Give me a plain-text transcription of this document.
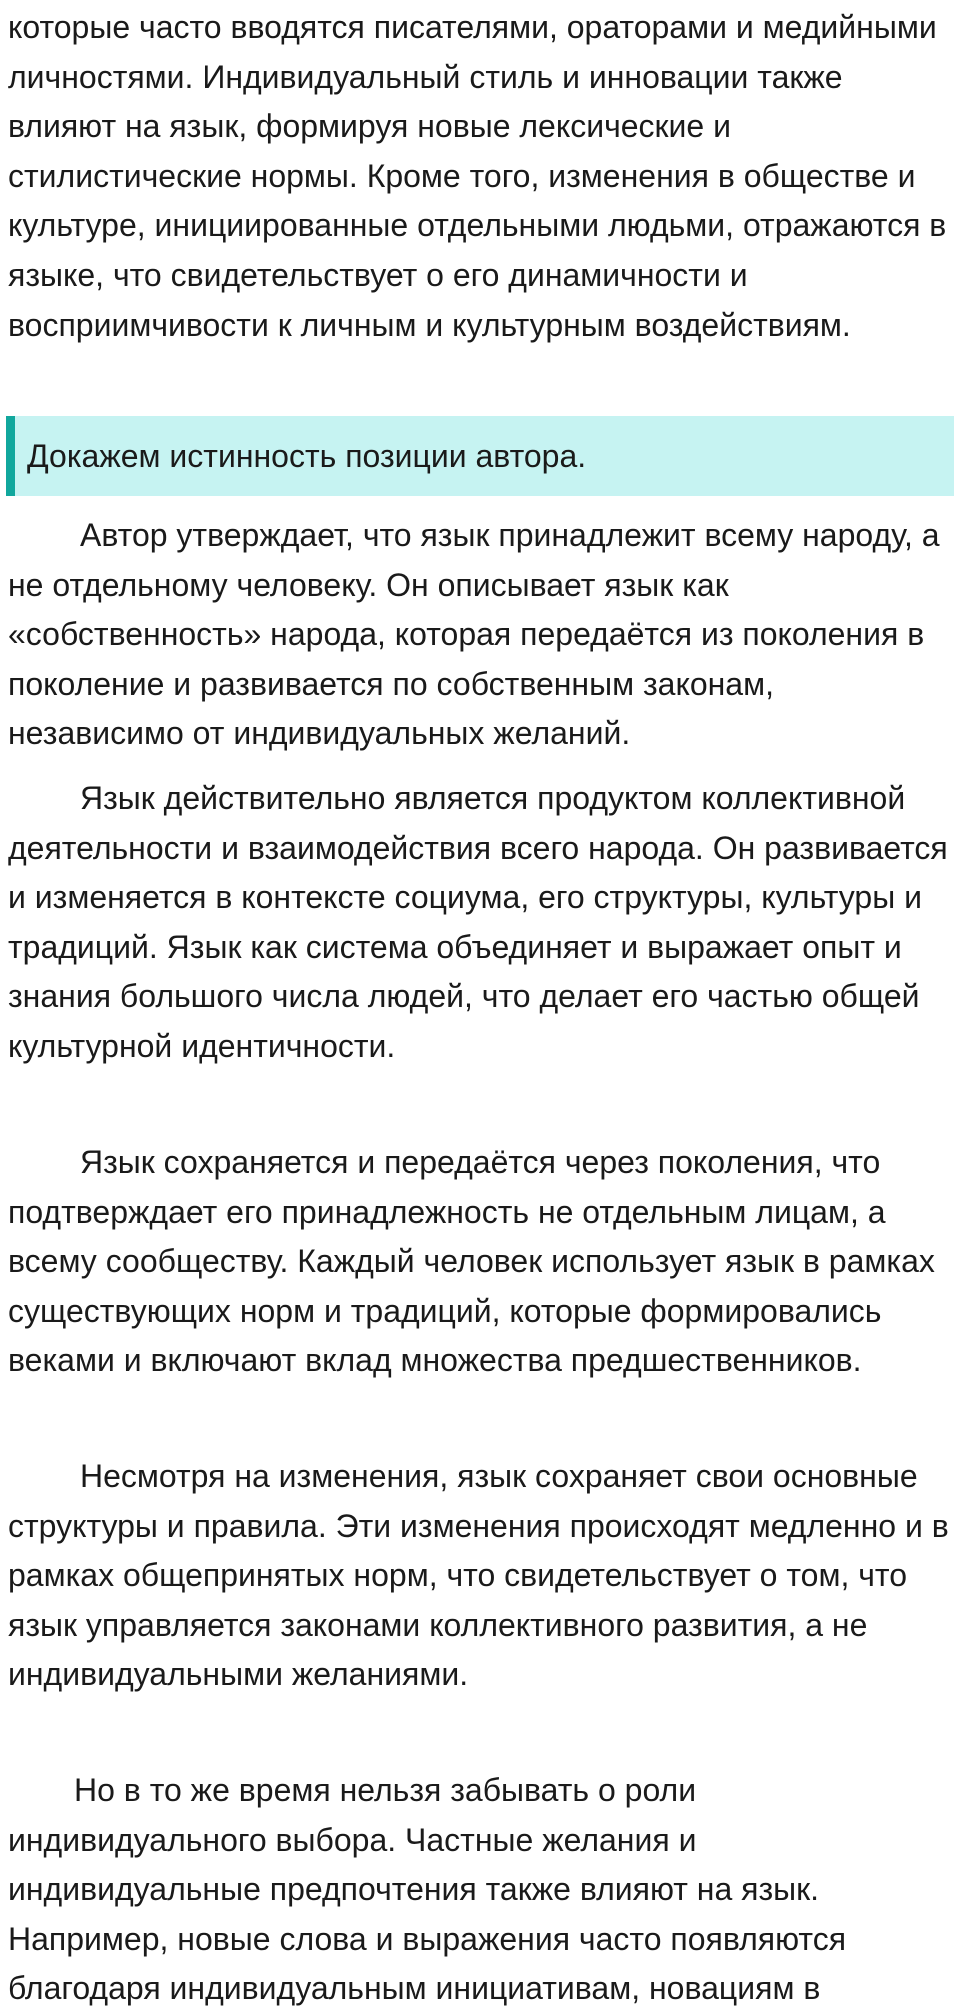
которые часто вводятся писателями, ораторами и медийными личностями. Индивидуальный стиль и инновации также влияют на язык, формируя новые лексические и стилистические нормы. Кроме того, изменения в обществе и культуре, инициированные отдельными людьми, отражаются в языке, что свидетельствует о его динамичности и восприимчивости к личным и культурным воздействиям.

Докажем истинность позиции автора.

Автор утверждает, что язык принадлежит всему народу, а не отдельному человеку. Он описывает язык как «собственность» народа, которая передаётся из поколения в поколение и развивается по собственным законам, независимо от индивидуальных желаний.

Язык действительно является продуктом коллективной деятельности и взаимодействия всего народа. Он развивается и изменяется в контексте социума, его структуры, культуры и традиций. Язык как система объединяет и выражает опыт и знания большого числа людей, что делает его частью общей культурной идентичности.

Язык сохраняется и передаётся через поколения, что подтверждает его принадлежность не отдельным лицам, а всему сообществу. Каждый человек использует язык в рамках существующих норм и традиций, которые формировались веками и включают вклад множества предшественников.

Несмотря на изменения, язык сохраняет свои основные структуры и правила. Эти изменения происходят медленно и в рамках общепринятых норм, что свидетельствует о том, что язык управляется законами коллективного развития, а не индивидуальными желаниями.

Но в то же время нельзя забывать о роли индивидуального выбора. Частные желания и индивидуальные предпочтения также влияют на язык. Например, новые слова и выражения часто появляются благодаря индивидуальным инициативам, новациям в
